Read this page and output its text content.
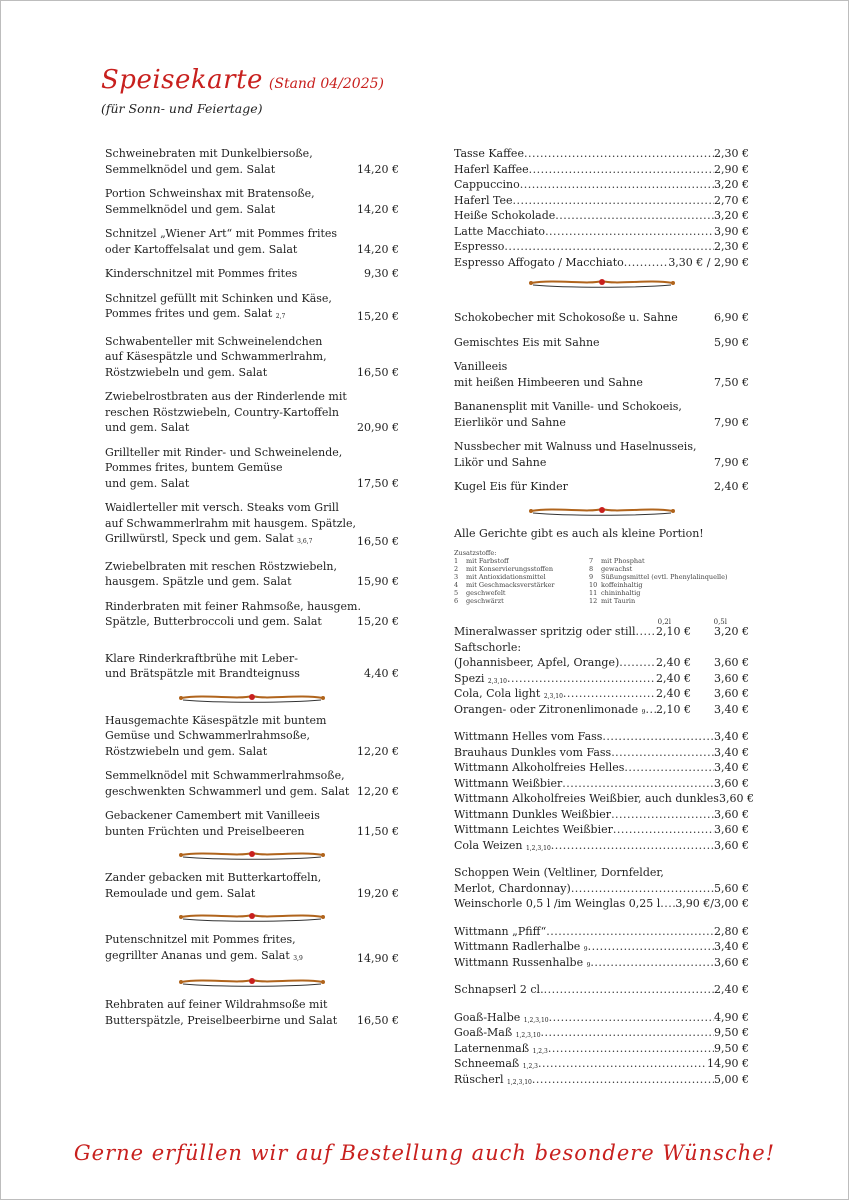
Speisekarte (Stand 04/2025)
(für Sonn- und Feiertage)
Schweinebraten mit Dunkelbiersoße,
Semmelknödel und gem. Salat	14,20 €
Portion Schweinshax mit Bratensoße,
Semmelknödel und gem. Salat	14,20 €
Schnitzel „Wiener Art“ mit Pommes frites
oder Kartoffelsalat und gem. Salat	14,20 €
Kinderschnitzel mit Pommes frites	9,30 €
Schnitzel gefüllt mit Schinken und Käse,
Pommes frites und gem. Salat $_{2,7}$	15,20 €
Schwabenteller mit Schweinelendchen
auf Käsespätzle und Schwammerlrahm,
Röstzwiebeln und gem. Salat	16,50 €
Zwiebelrostbraten aus der Rinderlende mit
reschen Röstzwiebeln, Country-Kartoffeln
und gem. Salat	20,90 €
Grillteller mit Rinder- und Schweinelende,
Pommes frites, buntem Gemüse
und gem. Salat	17,50 €
Waidlerteller mit versch. Steaks vom Grill
auf Schwammerlrahm mit hausgem. Spätzle,
Grillwürstl, Speck und gem. Salat $_{3,6,7}$	16,50 €
Zwiebelbraten mit reschen Röstzwiebeln,
hausgem. Spätzle und gem. Salat	15,90 €
Rinderbraten mit feiner Rahmsoße, hausgem.
Spätzle, Butterbroccoli und gem. Salat	15,20 €
Klare Rinderkraftbrühe mit Leber-
und Brätspätzle mit Brandteignuss	4,40 €
Hausgemachte Käsespätzle mit buntem
Gemüse und Schwammerlrahmsoße,
Röstzwiebeln und gem. Salat	12,20 €
Semmelknödel mit Schwammerlrahmsoße,
geschwenkten Schwammerl und gem. Salat 12,20 €
Gebackener Camembert mit Vanilleeis
bunten Früchten und Preiselbeeren	11,50 €
Zander gebacken mit Butterkartoffeln,
Remoulade und gem. Salat	19,20 €
Putenschnitzel mit Pommes frites,
gegrillter Ananas und gem. Salat $_{3,9}$	14,90 €
Rehbraten auf feiner Wildrahmsoße mit
Butterspätzle, Preiselbeerbirne und Salat 16,50 €
Tasse Kaffee .....	2,30 €
Haferl Kaffee .....	2,90 €
Cappuccino .....	3,20 €
Haferl Tee .....	2,70 €
Heiße Schokolade .....	3,20 €
Latte Macchiato .....	3,90 €
Espresso .....	2,30 €
Espresso Affogato / Macchiato .....	3,30 € / 2,90 €
Schokobecher mit Schokosoße u. Sahne	6,90 €
Gemischtes Eis mit Sahne	5,90 €
Vanilleeis
mit heißen Himbeeren und Sahne	7,50 €
Bananensplit mit Vanille- und Schokoeis,
Eierlikör und Sahne	7,90 €
Nussbecher mit Walnuss und Haselnusseis,
Likör und Sahne	7,90 €
Kugel Eis für Kinder	2,40 €
Alle Gerichte gibt es auch als kleine Portion!
Zusatzstoffe:
1	mit Farbstoff	7	mit Phosphat
2	mit Konservierungsstoffen	8	gewachst
3	mit Antioxidationsmittel	9	Süßungsmittel (evtl. Phenylalinquelle)
4	mit Geschmacksverstärker	10 koffeinhaltig
5	geschwefelt	11 chininhaltig
6	geschwärzt	12 mit Taurin
0,2l	0,5l
Mineralwasser spritzig oder still ..... 2,10 €	3,20 €
Saftschorle:
(Johannisbeer, Apfel, Orange) .....	2,40 €	3,60 €
Spezi $_{2,3,10}$ .....	2,40 €	3,60 €
Cola, Cola light $_{2,3,10}$ .....	2,40 €	3,60 €
Orangen- oder Zitronenlimonade $_9$ ..... 2,10 €	3,40 €
Wittmann Helles vom Fass .....	3,40 €
Brauhaus Dunkles vom Fass .....	3,40 €
Wittmann Alkoholfreies Helles .....	3,40 €
Wittmann Weißbier .....	3,60 €
Wittmann Alkoholfreies Weißbier, auch dunkles 3,60 €
Wittmann Dunkles Weißbier .....	3,60 €
Wittmann Leichtes Weißbier .....	3,60 €
Cola Weizen $_{1,2,3,10}$ .....	3,60 €
Schoppen Wein (Veltliner, Dornfelder,
Merlot, Chardonnay) .....	5,60 €
Weinschorle 0,5 l /im Weinglas 0,25 l ..... 3,90 €/3,00 €
Wittmann „Pfiff“ .....	2,80 €
Wittmann Radlerhalbe $_9$ .....	3,40 €
Wittmann Russenhalbe $_9$ .....	3,60 €
Schnapserl 2 cl. .....	2,40 €
Goaß-Halbe $_{1,2,3,10}$ .....	4,90 €
Goaß-Maß $_{1,2,3,10}$ .....	9,50 €
Laternenmaß $_{1,2,3}$ .....	9,50 €
Schneemaß $_{1,2,3}$ .....	14,90 €
Rüscherl $_{1,2,3,10}$ .....	5,00 €
Gerne erfüllen wir auf Bestellung auch besondere Wünsche!
